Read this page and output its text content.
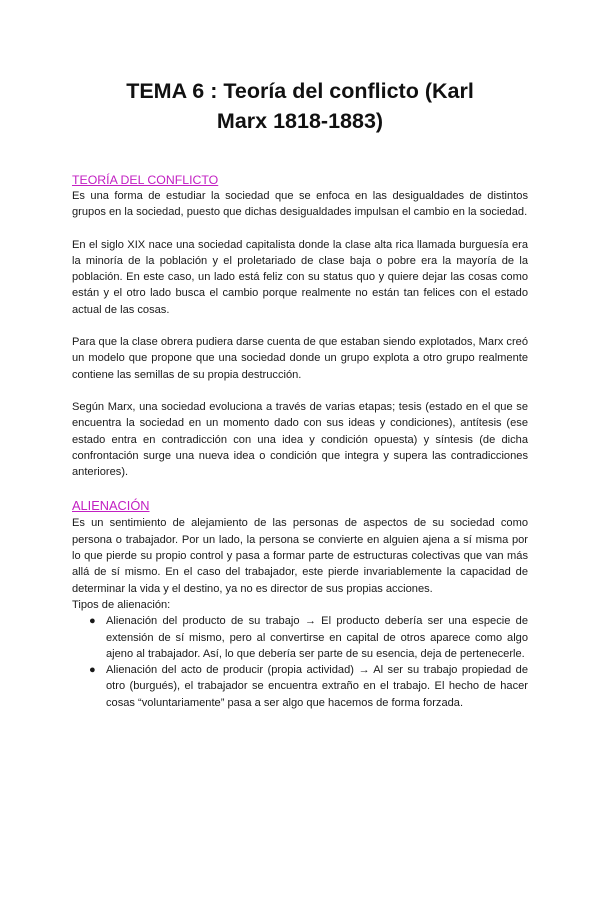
TEMA 6 : Teoría del conflicto (Karl
Marx 1818-1883)
TEORÍA DEL CONFLICTO

Es una forma de estudiar la sociedad que se enfoca en las desigualdades de distintos grupos en la sociedad, puesto que dichas desigualdades impulsan el cambio en la sociedad.

En el siglo XIX nace una sociedad capitalista donde la clase alta rica llamada burguesía era la minoría de la población y el proletariado de clase baja o pobre era la mayoría de la población. En este caso, un lado está feliz con su status quo y quiere dejar las cosas como están y el otro lado busca el cambio porque realmente no están tan felices con el estado actual de las cosas.

Para que la clase obrera pudiera darse cuenta de que estaban siendo explotados, Marx creó un modelo que propone que una sociedad donde un grupo explota a otro grupo realmente contiene las semillas de su propia destrucción.

Según Marx, una sociedad evoluciona a través de varias etapas; tesis (estado en el que se encuentra la sociedad en un momento dado con sus ideas y condiciones), antítesis (ese estado entra en contradicción con una idea y condición opuesta) y síntesis (de dicha confrontación surge una nueva idea o condición que integra y supera las contradicciones anteriores).

ALIENACIÓN

Es un sentimiento de alejamiento de las personas de aspectos de su sociedad como persona o trabajador. Por un lado, la persona se convierte en alguien ajena a sí misma por lo que pierde su propio control y pasa a formar parte de estructuras colectivas que van más allá de sí mismo. En el caso del trabajador, este pierde invariablemente la capacidad de determinar la vida y el destino, ya no es director de sus propias acciones.

Tipos de alienación:

● Alienación del producto de su trabajo → El producto debería ser una especie de extensión de sí mismo, pero al convertirse en capital de otros aparece como algo ajeno al trabajador. Así, lo que debería ser parte de su esencia, deja de pertenecerle.
● Alienación del acto de producir (propia actividad) → Al ser su trabajo propiedad de otro (burgués), el trabajador se encuentra extraño en el trabajo. El hecho de hacer cosas “voluntariamente” pasa a ser algo que hacemos de forma forzada.
